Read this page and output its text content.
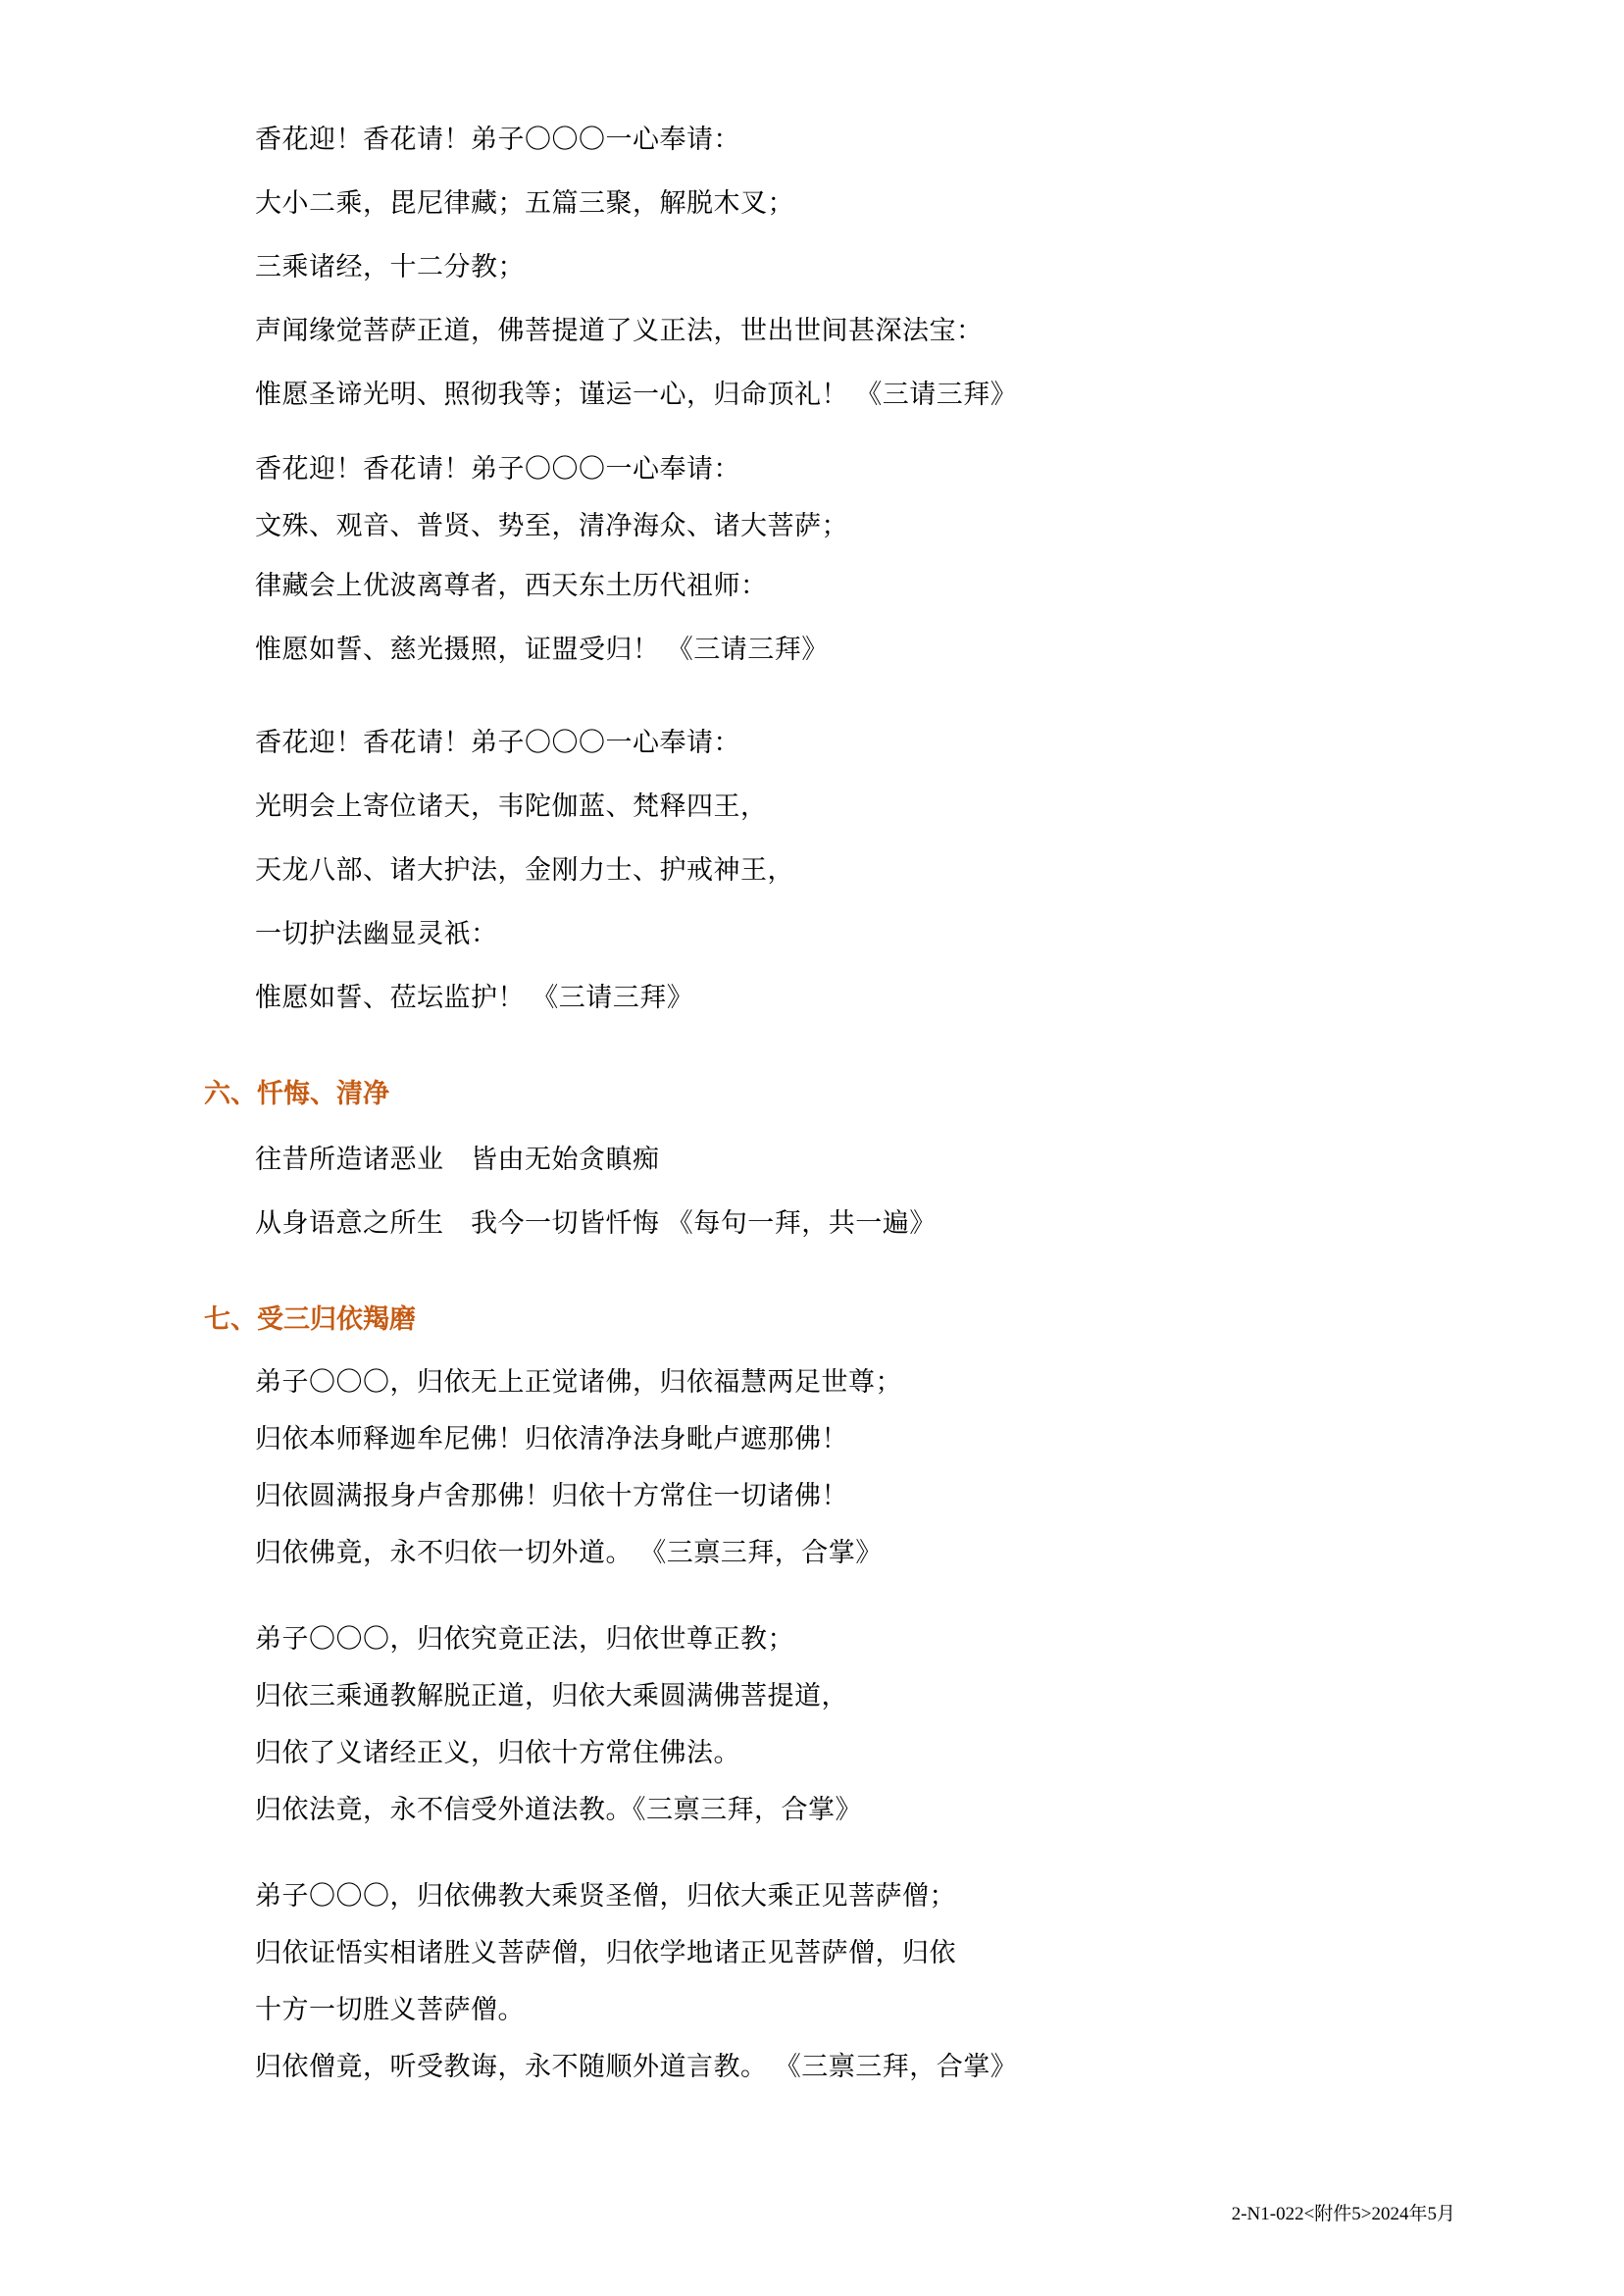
香花迎！香花请！弟子〇〇〇一心奉请：

大小二乘，毘尼律藏；五篇三聚，解脱木叉；

三乘诸经，十二分教；

声闻缘觉菩萨正道，佛菩提道了义正法，世出世间甚深法宝：

惟愿圣谛光明、照彻我等；谨运一心，归命顶礼！ 《三请三拜》

香花迎！香花请！弟子〇〇〇一心奉请：

文殊、观音、普贤、势至，清净海众、诸大菩萨；

律藏会上优波离尊者，西天东土历代祖师：

惟愿如誓、慈光摄照，证盟受归！ 《三请三拜》

香花迎！香花请！弟子〇〇〇一心奉请：

光明会上寄位诸天，韦陀伽蓝、梵释四王，

天龙八部、诸大护法，金刚力士、护戒神王，

一切护法幽显灵祇：

惟愿如誓、莅坛监护！ 《三请三拜》

六、忏悔、清净

往昔所造诸恶业　皆由无始贪瞋痴

从身语意之所生　我今一切皆忏悔 《每句一拜，共一遍》

七、受三归依羯磨

弟子〇〇〇，归依无上正觉诸佛，归依福慧两足世尊；

归依本师释迦牟尼佛！归依清净法身毗卢遮那佛！

归依圆满报身卢舍那佛！归依十方常住一切诸佛！

归依佛竟，永不归依一切外道。 《三禀三拜，合掌》

弟子〇〇〇，归依究竟正法，归依世尊正教；

归依三乘通教解脱正道，归依大乘圆满佛菩提道，

归依了义诸经正义，归依十方常住佛法。

归依法竟，永不信受外道法教。《三禀三拜，合掌》

弟子〇〇〇，归依佛教大乘贤圣僧，归依大乘正见菩萨僧；

归依证悟实相诸胜义菩萨僧，归依学地诸正见菩萨僧，归依

十方一切胜义菩萨僧。

归依僧竟，听受教诲，永不随顺外道言教。 《三禀三拜，合掌》

2-N1-022<附件5>2024年5月
